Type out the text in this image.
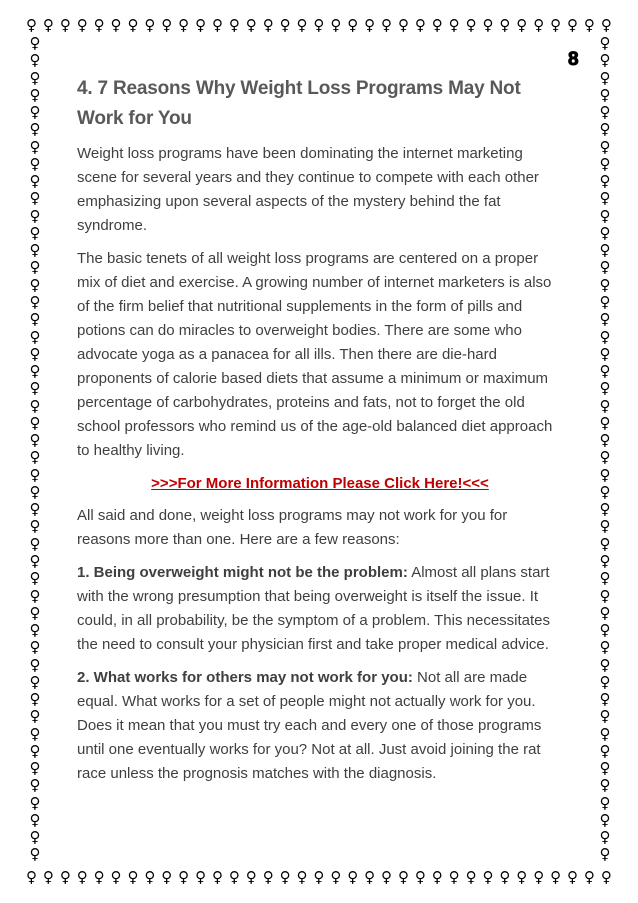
♀ ♀ ♀ ♀ ♀ ♀ ♀ ♀ ♀ ♀ ♀ ♀ ♀ ♀ ♀ ♀ ♀ ♀ ♀ ♀ ♀ ♀ ♀ ♀ ♀ ♀ ♀ ♀ ♀ ♀ ♀ ♀ ♀ ♀ ♀
♀ ♀ ♀ ♀ ♀ ♀ ♀ ♀ ♀ ♀ ♀ ♀ ♀ ♀ ♀ ♀ ♀ ♀ ♀ ♀ ♀ ♀ ♀ ♀ ♀ ♀ ♀ ♀ ♀ ♀ ♀ ♀ ♀ ♀ ♀
♀
♀
♀
♀
♀
♀
♀
♀
♀
♀
♀
♀
♀
♀
♀
♀
♀
♀
♀
♀
♀
♀
♀
♀
♀
♀
♀
♀
♀
♀
♀
♀
♀
♀
♀
♀
♀
♀
♀
♀
♀
♀
♀
♀
♀
♀
♀
♀
♀
♀
♀
♀
♀
♀
♀
♀
♀
♀
♀
♀
♀
♀
♀
♀
♀
♀
♀
♀
♀
♀
♀
♀
♀
♀
♀
♀
♀
♀
♀
♀
♀
♀
♀
♀
♀
♀
♀
♀
♀
♀
♀
♀
♀
♀
♀
♀
8
4. 7 Reasons Why Weight Loss Programs May Not Work for You

Weight loss programs have been dominating the internet marketing scene for several years and they continue to compete with each other emphasizing upon several aspects of the mystery behind the fat syndrome.

The basic tenets of all weight loss programs are centered on a proper mix of diet and exercise. A growing number of internet marketers is also of the firm belief that nutritional supplements in the form of pills and potions can do miracles to overweight bodies. There are some who advocate yoga as a panacea for all ills. Then there are die-hard proponents of calorie based diets that assume a minimum or maximum percentage of carbohydrates, proteins and fats, not to forget the old school professors who remind us of the age-old balanced diet approach to healthy living.

>>>For More Information Please Click Here!<<<

All said and done, weight loss programs may not work for you for reasons more than one. Here are a few reasons:

1. Being overweight might not be the problem: Almost all plans start with the wrong presumption that being overweight is itself the issue. It could, in all probability, be the symptom of a problem. This necessitates the need to consult your physician first and take proper medical advice.

2. What works for others may not work for you: Not all are made equal. What works for a set of people might not actually work for you. Does it mean that you must try each and every one of those programs until one eventually works for you? Not at all. Just avoid joining the rat race unless the prognosis matches with the diagnosis.
